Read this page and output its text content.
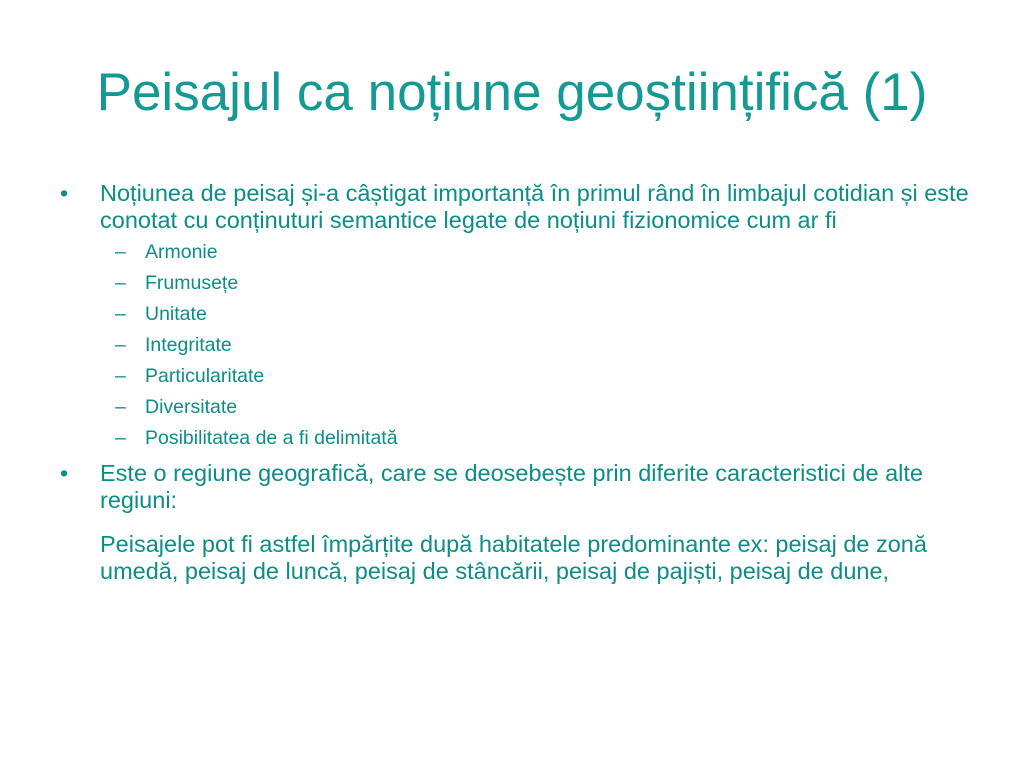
Peisajul ca noțiune geoștiințifică (1)
•	Noțiunea de peisaj și-a câștigat importanță în primul rând în limbajul cotidian și este conotat cu conținuturi semantice legate de noțiuni fizionomice cum ar fi
– Armonie
– Frumusețe
– Unitate
– Integritate
– Particularitate
– Diversitate
– Posibilitatea de a fi delimitată
•	Este o regiune geografică, care se deosebește prin diferite caracteristici de alte regiuni:
Peisajele pot fi astfel împărțite după habitatele predominante ex: peisaj de zonă umedă, peisaj de luncă, peisaj de stâncării, peisaj de pajiști, peisaj de dune,
